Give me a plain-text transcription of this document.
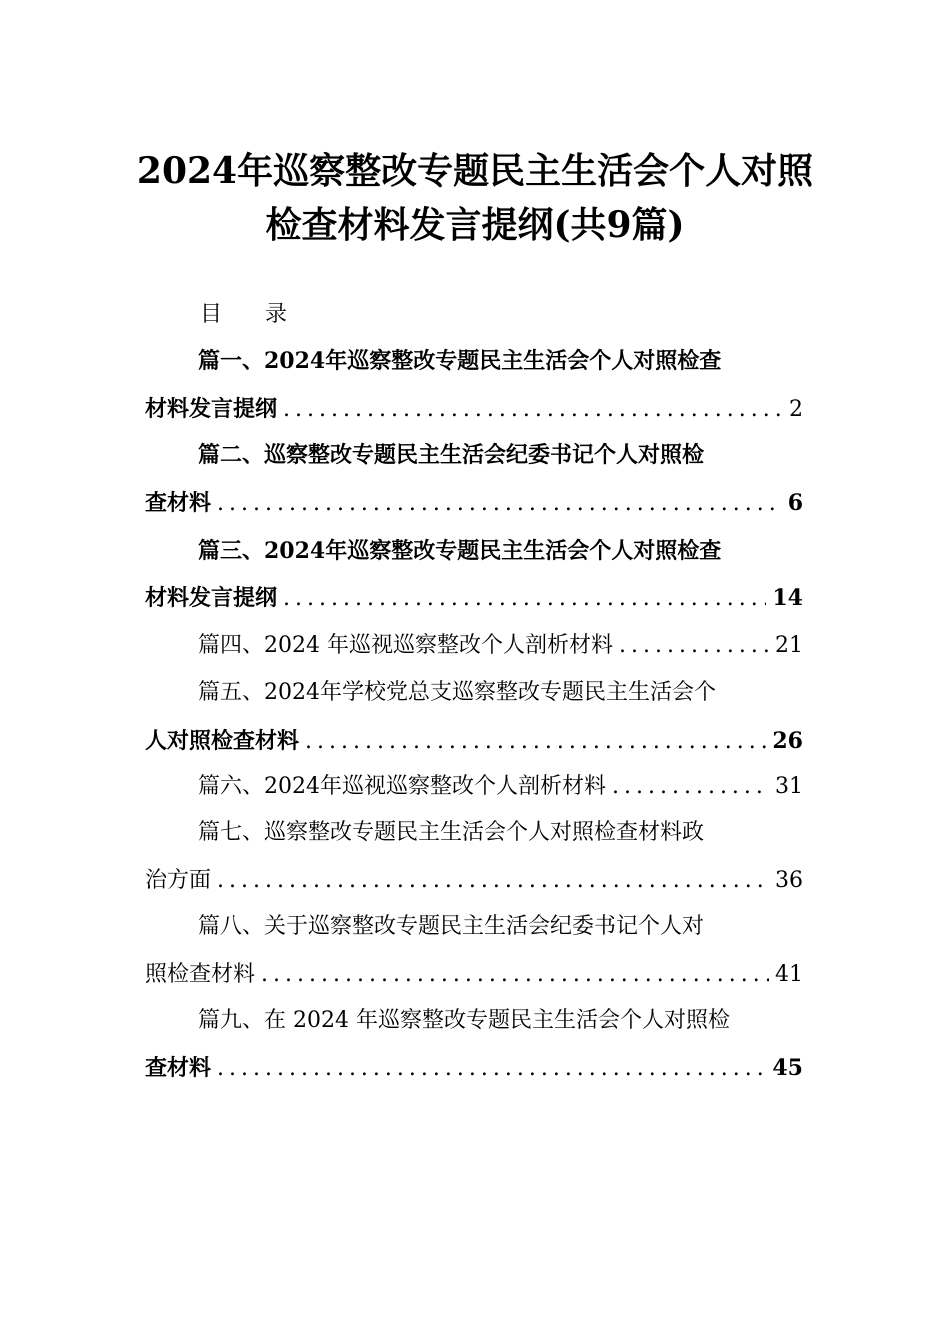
2024年巡察整改专题民主生活会个人对照
检查材料发言提纲(共9篇)
目 录
篇一、2024年巡察整改专题民主生活会个人对照检查
材料发言提纲 .....	2
篇二、巡察整改专题民主生活会纪委书记个人对照检
查材料 .....	6
篇三、2024年巡察整改专题民主生活会个人对照检查
材料发言提纲 .....	14
篇四、2024 年巡视巡察整改个人剖析材料 .....	21
篇五、2024年学校党总支巡察整改专题民主生活会个
人对照检查材料 .....	26
篇六、2024年巡视巡察整改个人剖析材料 .....	31
篇七、巡察整改专题民主生活会个人对照检查材料政
治方面 .....	36
篇八、关于巡察整改专题民主生活会纪委书记个人对
照检查材料 .....	41
篇九、在 2024 年巡察整改专题民主生活会个人对照检
查材料 .....	45
